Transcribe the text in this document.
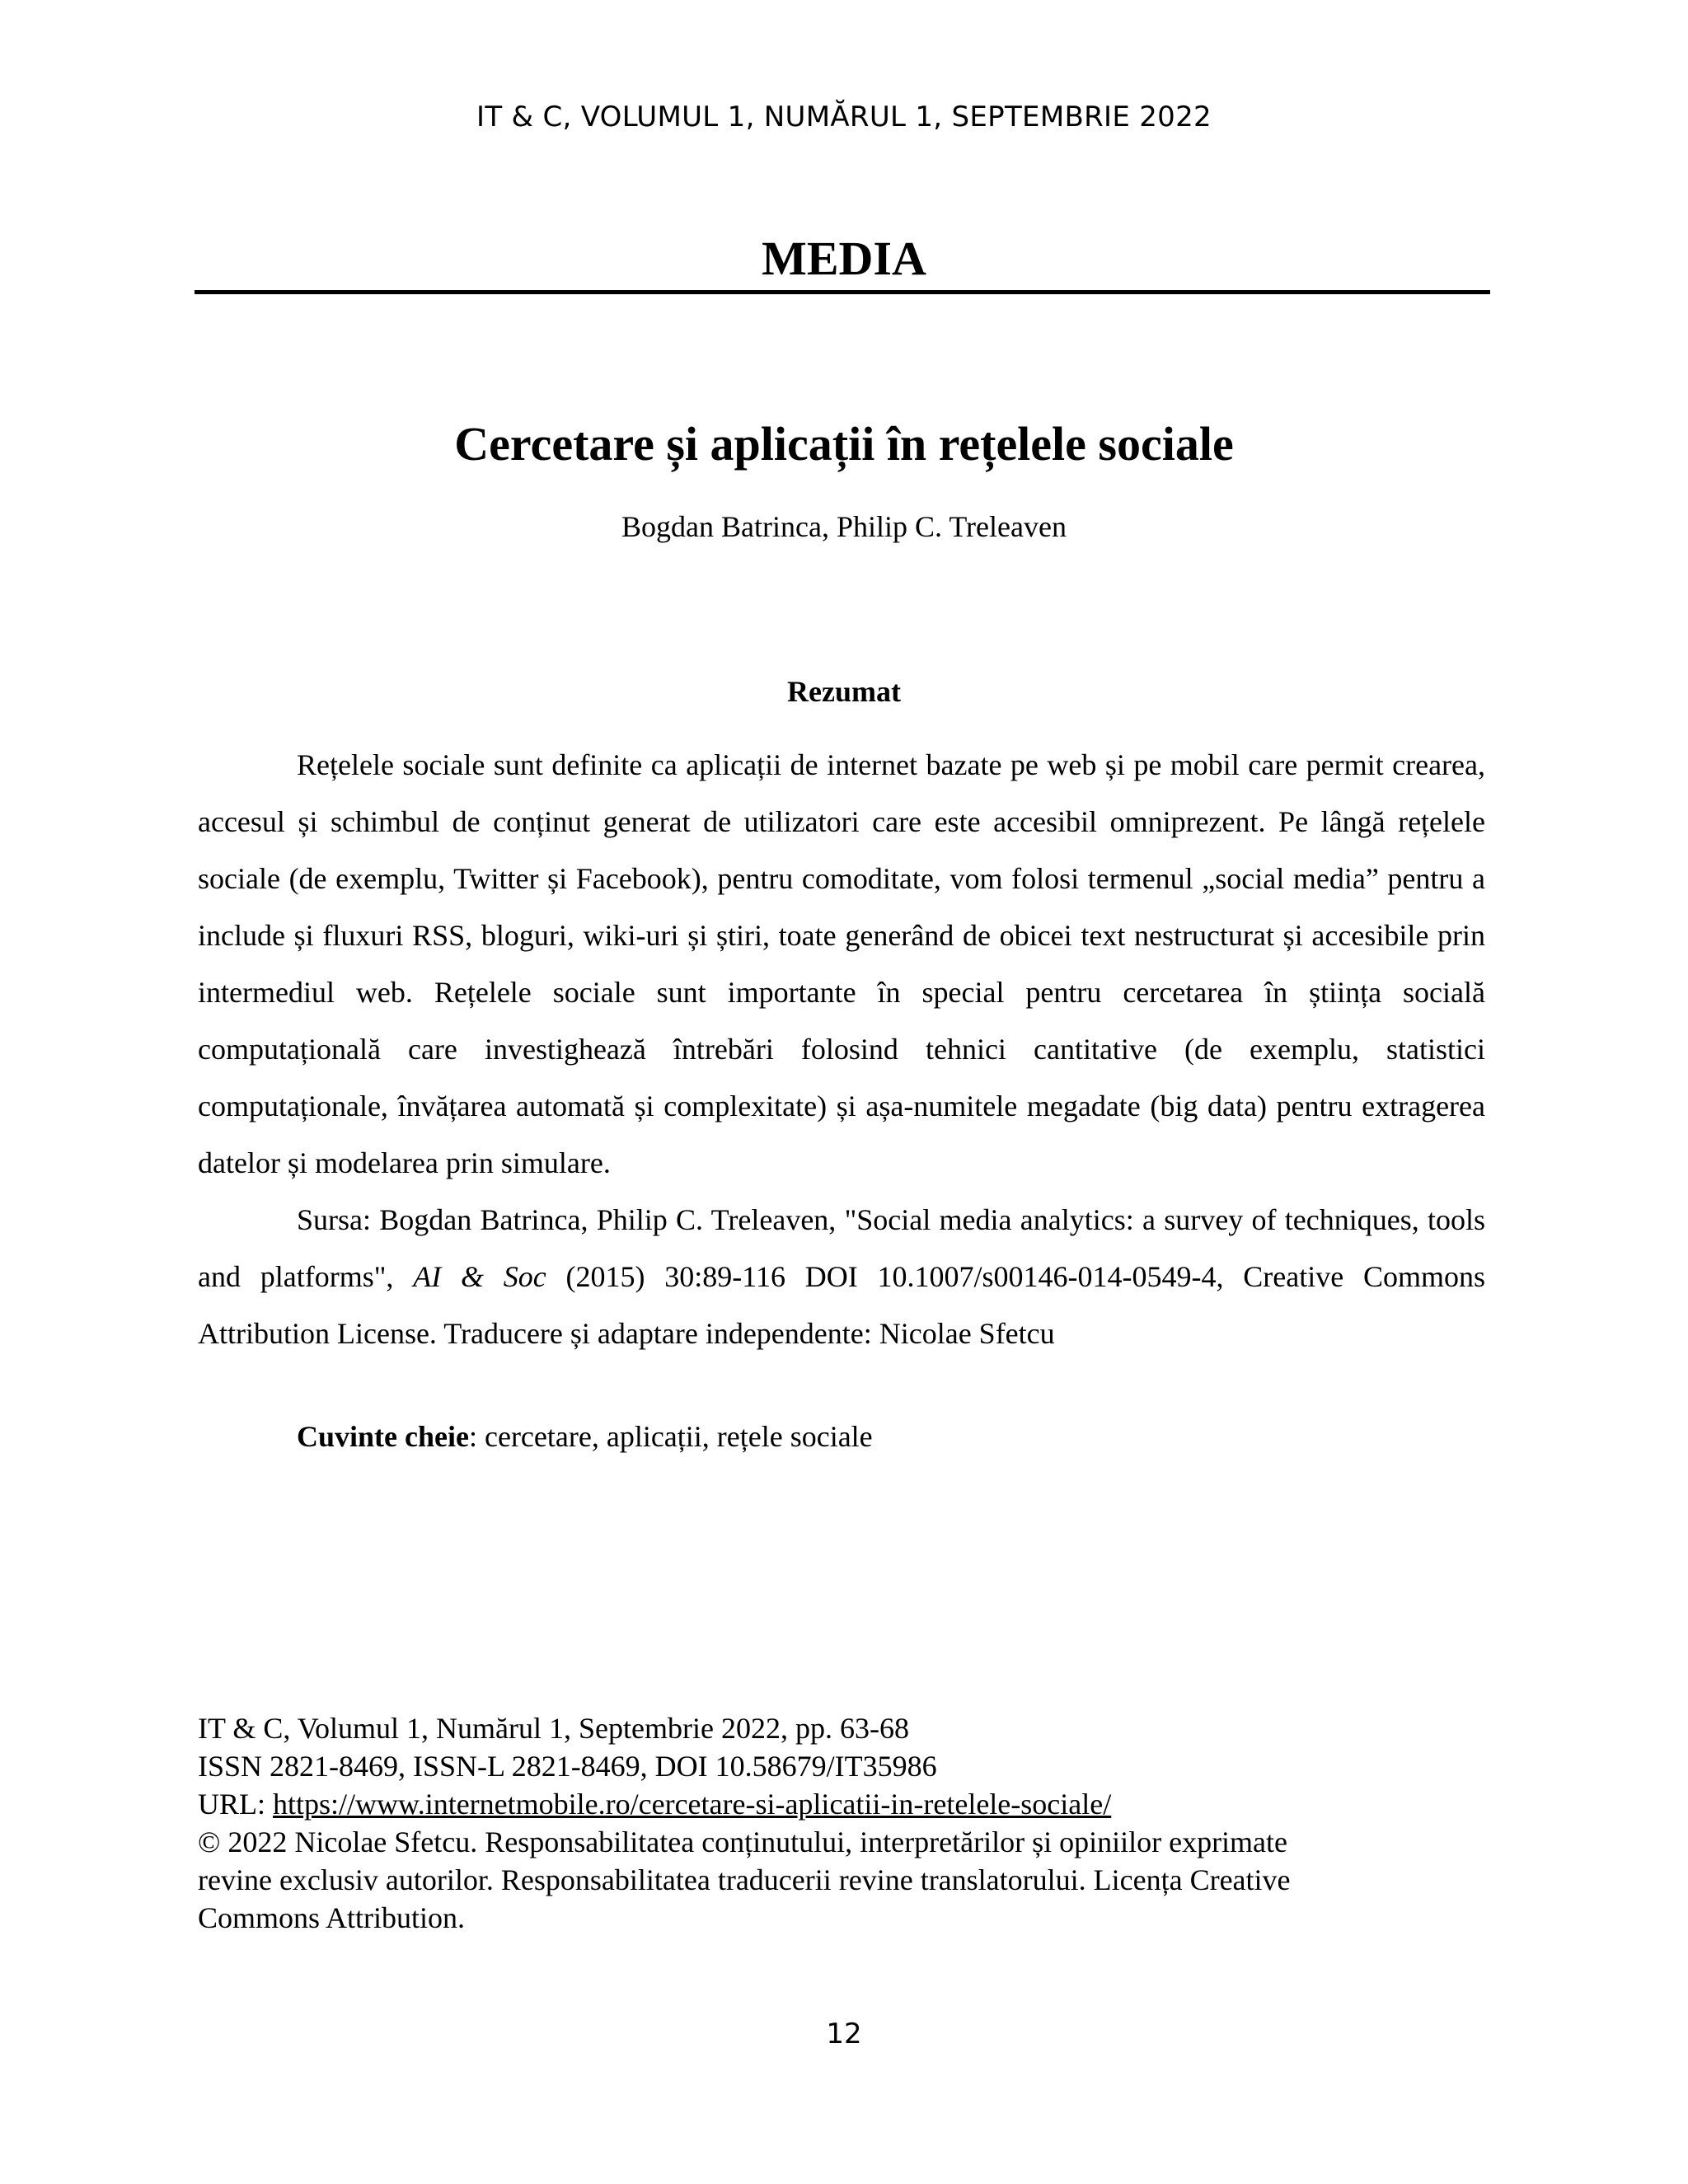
IT & C, VOLUMUL 1, NUMĂRUL 1, SEPTEMBRIE 2022
MEDIA
Cercetare și aplicații în rețelele sociale
Bogdan Batrinca, Philip C. Treleaven
Rezumat

Rețelele sociale sunt definite ca aplicații de internet bazate pe web și pe mobil care permit crearea, accesul și schimbul de conținut generat de utilizatori care este accesibil omniprezent. Pe lângă rețelele sociale (de exemplu, Twitter și Facebook), pentru comoditate, vom folosi termenul „social media” pentru a include și fluxuri RSS, bloguri, wiki-uri și știri, toate generând de obicei text nestructurat și accesibile prin intermediul web. Rețelele sociale sunt importante în special pentru cercetarea în știința socială computațională care investighează întrebări folosind tehnici cantitative (de exemplu, statistici computaționale, învățarea automată și complexitate) și așa-numitele megadate (big data) pentru extragerea datelor și modelarea prin simulare.

Sursa: Bogdan Batrinca, Philip C. Treleaven, "Social media analytics: a survey of techniques, tools and platforms", AI & Soc (2015) 30:89-116 DOI 10.1007/s00146-014-0549-4, Creative Commons Attribution License. Traducere și adaptare independente: Nicolae Sfetcu

Cuvinte cheie: cercetare, aplicații, rețele sociale
IT & C, Volumul 1, Numărul 1, Septembrie 2022, pp. 63-68
ISSN 2821-8469, ISSN-L 2821-8469, DOI 10.58679/IT35986
URL: https://www.internetmobile.ro/cercetare-si-aplicatii-in-retelele-sociale/
© 2022 Nicolae Sfetcu. Responsabilitatea conținutului, interpretărilor și opiniilor exprimate
revine exclusiv autorilor. Responsabilitatea traducerii revine translatorului. Licența Creative
Commons Attribution.
12
